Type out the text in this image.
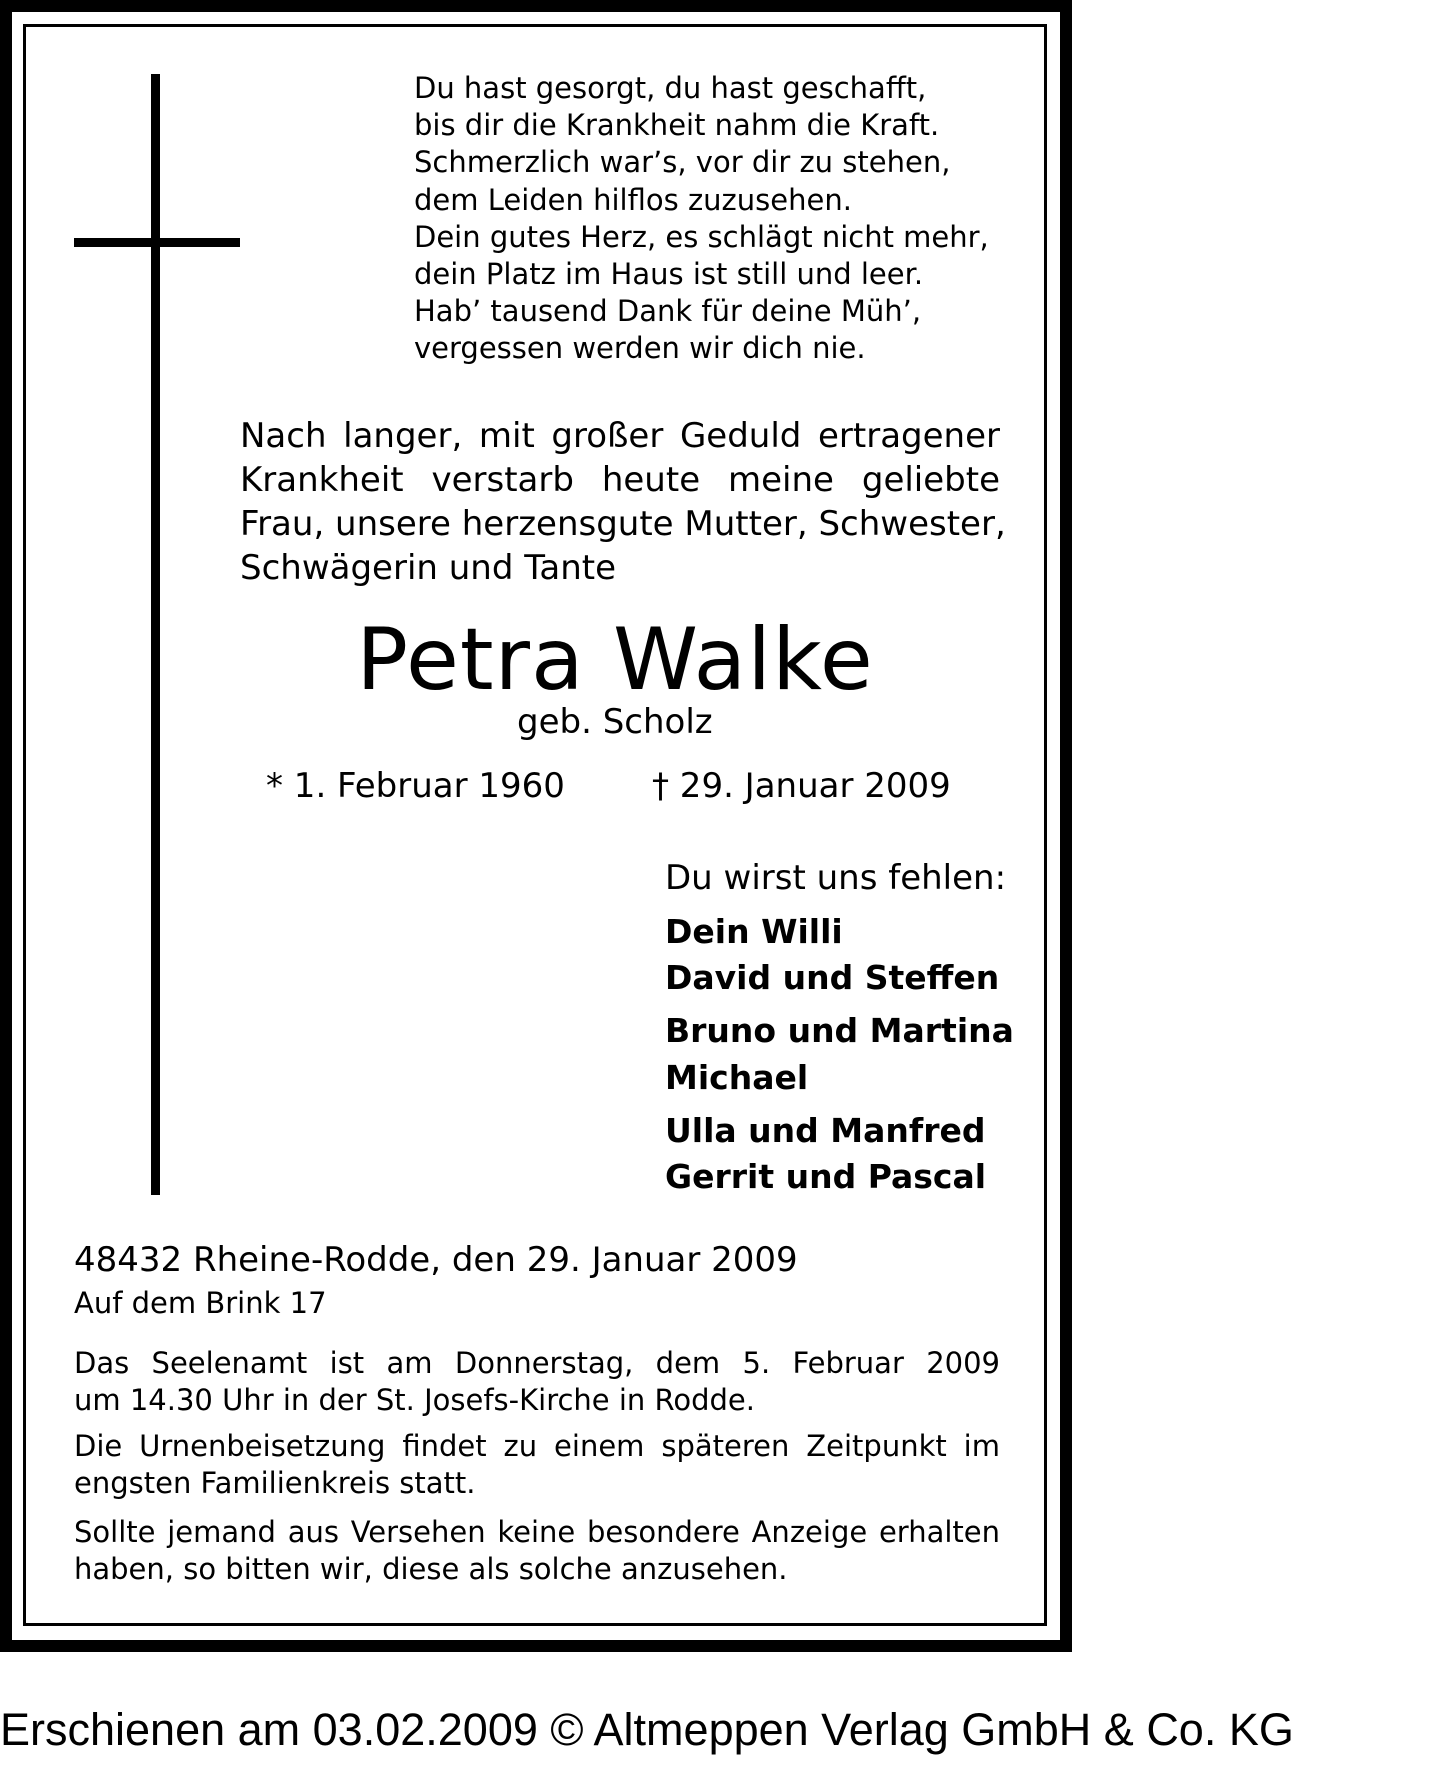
Du hast gesorgt, du hast geschafft,
bis dir die Krankheit nahm die Kraft.
Schmerzlich war’s, vor dir zu stehen,
dem Leiden hilflos zuzusehen.
Dein gutes Herz, es schlägt nicht mehr,
dein Platz im Haus ist still und leer.
Hab’ tausend Dank für deine Müh’,
vergessen werden wir dich nie.
Nach langer, mit großer Geduld ertragener
Krankheit verstarb heute meine geliebte
Frau, unsere herzensgute Mutter, Schwester,
Schwägerin und Tante
Petra Walke
geb. Scholz
* 1. Februar 1960	† 29. Januar 2009
Du wirst uns fehlen:
Dein Willi
David und Steffen
Bruno und Martina
Michael
Ulla und Manfred
Gerrit und Pascal
48432 Rheine-Rodde, den 29. Januar 2009
Auf dem Brink 17
Das Seelenamt ist am Donnerstag, dem 5. Februar 2009
um 14.30 Uhr in der St. Josefs-Kirche in Rodde.
Die Urnenbeisetzung findet zu einem späteren Zeitpunkt im
engsten Familienkreis statt.
Sollte jemand aus Versehen keine besondere Anzeige erhalten
haben, so bitten wir, diese als solche anzusehen.
Erschienen am 03.02.2009 © Altmeppen Verlag GmbH & Co. KG
